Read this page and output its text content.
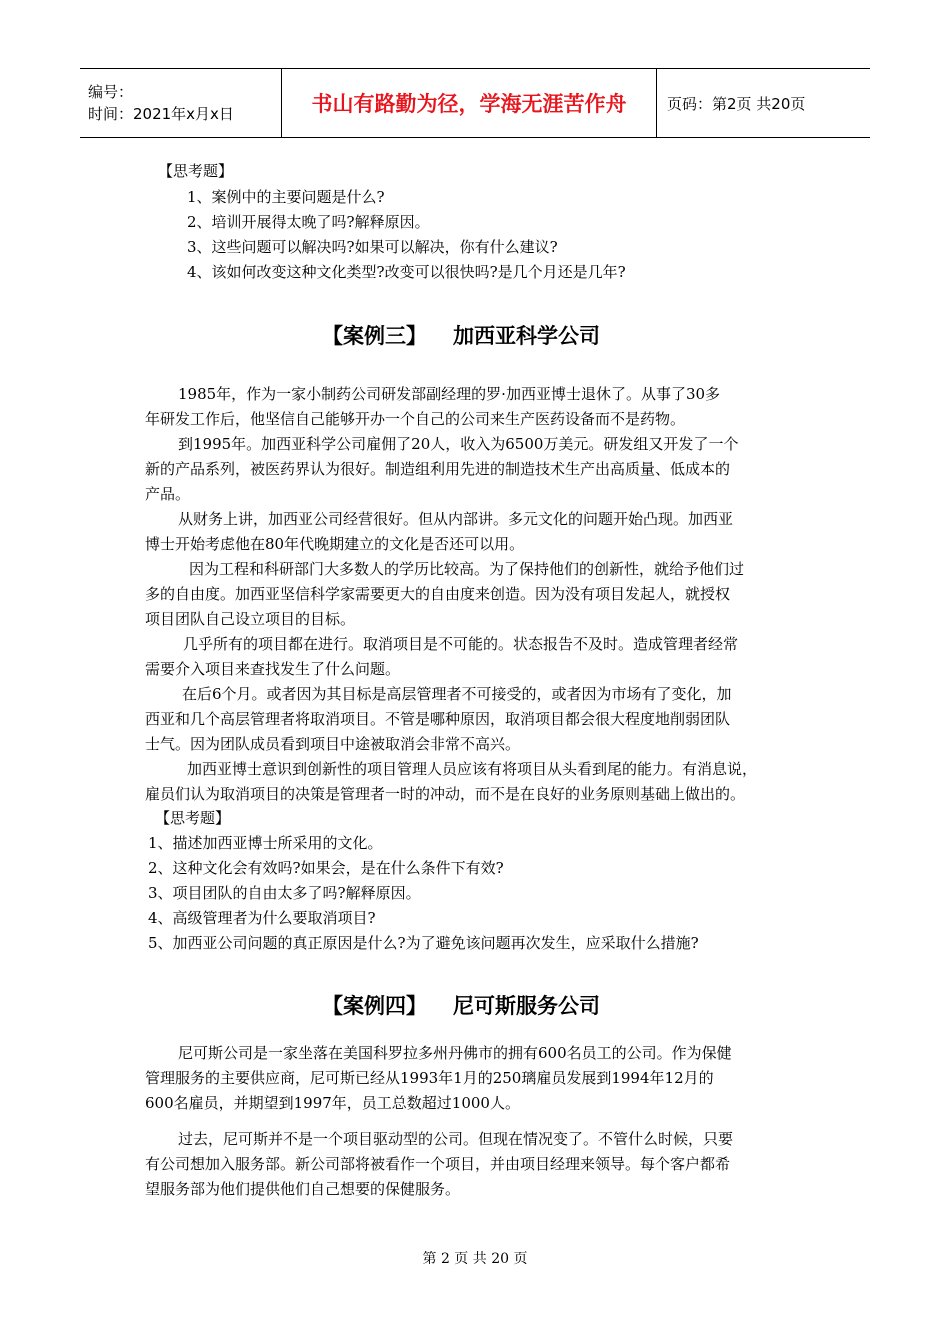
编号：
时间：2021年x月x日	书山有路勤为径，学海无涯苦作舟	页码：第2页 共20页
【思考题】
1、案例中的主要问题是什么?
2、培训开展得太晚了吗?解释原因。
3、这些问题可以解决吗?如果可以解决，你有什么建议?
4、该如何改变这种文化类型?改变可以很快吗?是几个月还是几年?
【案例三】 加西亚科学公司
1985年，作为一家小制药公司研发部副经理的罗·加西亚博士退休了。从事了30多
年研发工作后，他坚信自己能够开办一个自己的公司来生产医药设备而不是药物。
到1995年。加西亚科学公司雇佣了20人，收入为6500万美元。研发组又开发了一个
新的产品系列，被医药界认为很好。制造组利用先进的制造技术生产出高质量、低成本的
产品。
从财务上讲，加西亚公司经营很好。但从内部讲。多元文化的问题开始凸现。加西亚
博士开始考虑他在80年代晚期建立的文化是否还可以用。
因为工程和科研部门大多数人的学历比较高。为了保持他们的创新性，就给予他们过
多的自由度。加西亚坚信科学家需要更大的自由度来创造。因为没有项目发起人，就授权
项目团队自己设立项目的目标。
几乎所有的项目都在进行。取消项目是不可能的。状态报告不及时。造成管理者经常
需要介入项目来查找发生了什么问题。
在后6个月。或者因为其目标是高层管理者不可接受的，或者因为市场有了变化，加
西亚和几个高层管理者将取消项目。不管是哪种原因，取消项目都会很大程度地削弱团队
士气。因为团队成员看到项目中途被取消会非常不高兴。
加西亚博士意识到创新性的项目管理人员应该有将项目从头看到尾的能力。有消息说，
雇员们认为取消项目的决策是管理者一时的冲动，而不是在良好的业务原则基础上做出的。
【思考题】
1、描述加西亚博士所采用的文化。
2、这种文化会有效吗?如果会，是在什么条件下有效?
3、项目团队的自由太多了吗?解释原因。
4、高级管理者为什么要取消项目?
5、加西亚公司问题的真正原因是什么?为了避免该问题再次发生，应采取什么措施?
【案例四】 尼可斯服务公司
尼可斯公司是一家坐落在美国科罗拉多州丹佛市的拥有600名员工的公司。作为保健
管理服务的主要供应商，尼可斯已经从1993年1月的250璃雇员发展到1994年12月的
600名雇员，并期望到1997年，员工总数超过1000人。
过去，尼可斯并不是一个项目驱动型的公司。但现在情况变了。不管什么时候，只要
有公司想加入服务部。新公司部将被看作一个项目，并由项目经理来领导。每个客户都希
望服务部为他们提供他们自己想要的保健服务。
第 2 页 共 20 页
